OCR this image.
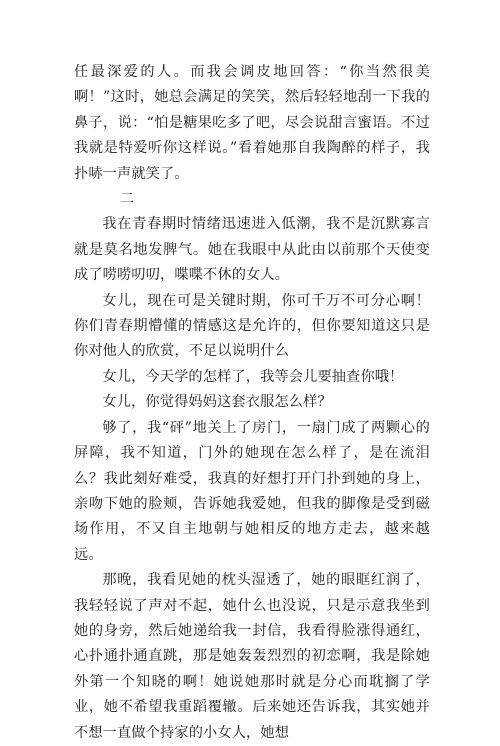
任最深爱的人。而我会调皮地回答：“你当然很美啊！”这时，她总会满足的笑笑，然后轻轻地刮一下我的鼻子，说：“怕是糖果吃多了吧，尽会说甜言蜜语。不过我就是特爱听你这样说。”看着她那自我陶醉的样子，我扑哧一声就笑了。

二

我在青春期时情绪迅速进入低潮，我不是沉默寡言就是莫名地发脾气。她在我眼中从此由以前那个天使变成了唠唠叨叨，喋喋不休的女人。

女儿，现在可是关键时期，你可千万不可分心啊！你们青春期懵懂的情感这是允许的，但你要知道这只是你对他人的欣赏，不足以说明什么

女儿，今天学的怎样了，我等会儿要抽查你哦！

女儿，你觉得妈妈这套衣服怎么样？

够了，我“砰”地关上了房门，一扇门成了两颗心的屏障，我不知道，门外的她现在怎么样了，是在流泪么？我此刻好难受，我真的好想打开门扑到她的身上，亲吻下她的脸颊，告诉她我爱她，但我的脚像是受到磁场作用，不又自主地朝与她相反的地方走去，越来越远。

那晚，我看见她的枕头湿透了，她的眼眶红润了，我轻轻说了声对不起，她什么也没说，只是示意我坐到她的身旁，然后她递给我一封信，我看得脸涨得通红，心扑通扑通直跳，那是她轰轰烈烈的初恋啊，我是除她外第一个知晓的啊！她说她那时就是分心而耽搁了学业，她不希望我重蹈覆辙。后来她还告诉我，其实她并不想一直做个持家的小女人，她想
